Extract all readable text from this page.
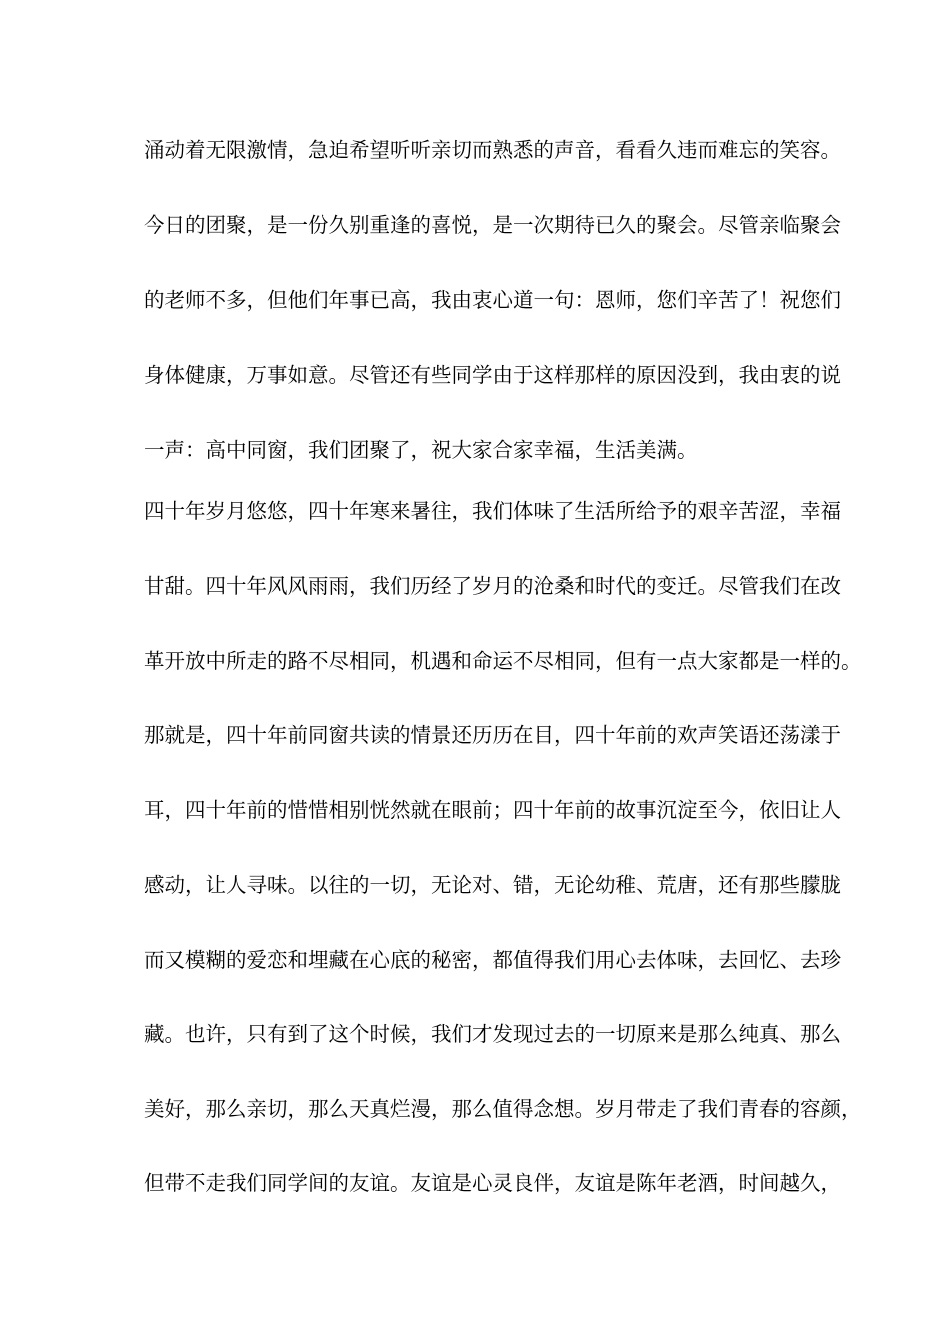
涌动着无限激情，急迫希望听听亲切而熟悉的声音，看看久违而难忘的笑容。
今日的团聚，是一份久别重逢的喜悦，是一次期待已久的聚会。尽管亲临聚会
的老师不多，但他们年事已高，我由衷心道一句：恩师，您们辛苦了！祝您们
身体健康，万事如意。尽管还有些同学由于这样那样的原因没到，我由衷的说
一声：高中同窗，我们团聚了，祝大家合家幸福，生活美满。
四十年岁月悠悠，四十年寒来暑往，我们体味了生活所给予的艰辛苦涩，幸福
甘甜。四十年风风雨雨，我们历经了岁月的沧桑和时代的变迁。尽管我们在改
革开放中所走的路不尽相同，机遇和命运不尽相同，但有一点大家都是一样的。
那就是，四十年前同窗共读的情景还历历在目，四十年前的欢声笑语还荡漾于
耳，四十年前的惜惜相别恍然就在眼前；四十年前的故事沉淀至今，依旧让人
感动，让人寻味。以往的一切，无论对、错，无论幼稚、荒唐，还有那些朦胧
而又模糊的爱恋和埋藏在心底的秘密，都值得我们用心去体味，去回忆、去珍
藏。也许，只有到了这个时候，我们才发现过去的一切原来是那么纯真、那么
美好，那么亲切，那么天真烂漫，那么值得念想。岁月带走了我们青春的容颜，
但带不走我们同学间的友谊。友谊是心灵良伴，友谊是陈年老酒，时间越久，
